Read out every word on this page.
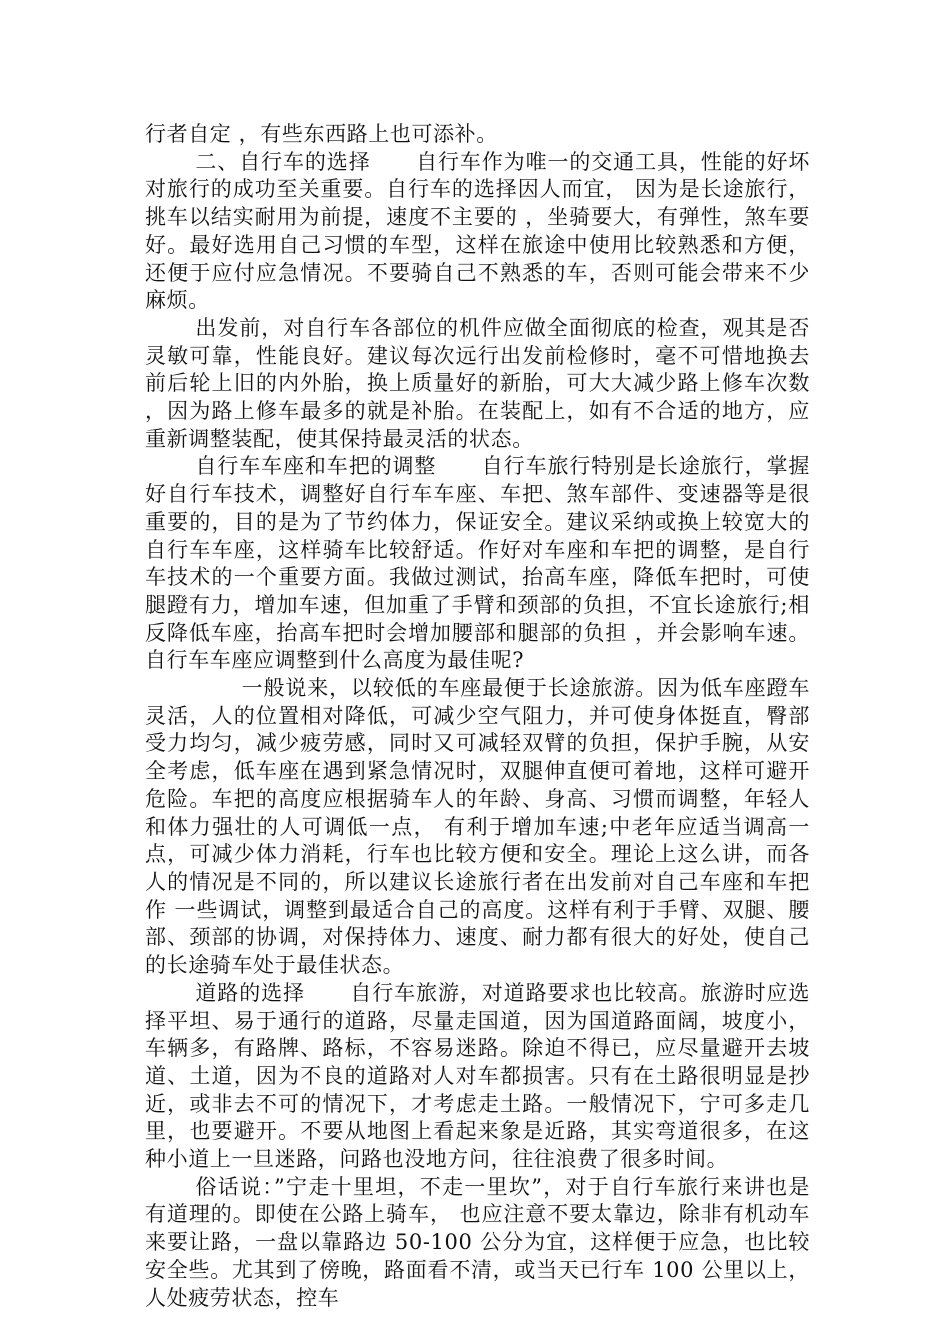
行者自定 ，有些东西路上也可添补。

二、自行车的选择      自行车作为唯一的交通工具，性能的好坏对旅行的成功至关重要。自行车的选择因人而宜， 因为是长途旅行，挑车以结实耐用为前提，速度不主要的 ，坐骑要大，有弹性，煞车要好。最好选用自己习惯的车型，这样在旅途中使用比较熟悉和方便，还便于应付应急情况。不要骑自己不熟悉的车，否则可能会带来不少麻烦。

出发前，对自行车各部位的机件应做全面彻底的检查，观其是否灵敏可靠，性能良好。建议每次远行出发前检修时，毫不可惜地换去前后轮上旧的内外胎，换上质量好的新胎，可大大减少路上修车次数 ，因为路上修车最多的就是补胎。在装配上，如有不合适的地方，应重新调整装配，使其保持最灵活的状态。

自行车车座和车把的调整      自行车旅行特别是长途旅行，掌握好自行车技术，调整好自行车车座、车把、煞车部件、变速器等是很重要的，目的是为了节约体力，保证安全。建议采纳或换上较宽大的自行车车座，这样骑车比较舒适。作好对车座和车把的调整，是自行车技术的一个重要方面。我做过测试，抬高车座，降低车把时，可使腿蹬有力，增加车速，但加重了手臂和颈部的负担，不宜长途旅行;相反降低车座，抬高车把时会增加腰部和腿部的负担 ，并会影响车速。自行车车座应调整到什么高度为最佳呢?

一般说来，以较低的车座最便于长途旅游。因为低车座蹬车灵活，人的位置相对降低，可减少空气阻力，并可使身体挺直，臀部受力均匀，减少疲劳感，同时又可减轻双臂的负担，保护手腕，从安全考虑，低车座在遇到紧急情况时，双腿伸直便可着地，这样可避开危险。车把的高度应根据骑车人的年龄、身高、习惯而调整，年轻人和体力强壮的人可调低一点， 有利于增加车速;中老年应适当调高一点，可减少体力消耗，行车也比较方便和安全。理论上这么讲，而各人的情况是不同的，所以建议长途旅行者在出发前对自己车座和车把作 一些调试，调整到最适合自己的高度。这样有利于手臂、双腿、腰部、颈部的协调，对保持体力、速度、耐力都有很大的好处，使自己的长途骑车处于最佳状态。

道路的选择      自行车旅游，对道路要求也比较高。旅游时应选择平坦、易于通行的道路，尽量走国道，因为国道路面阔，坡度小，车辆多，有路牌、路标，不容易迷路。除迫不得已，应尽量避开去坡道、土道，因为不良的道路对人对车都损害。只有在土路很明显是抄近，或非去不可的情况下，才考虑走土路。一般情况下，宁可多走几里，也要避开。不要从地图上看起来象是近路，其实弯道很多，在这种小道上一旦迷路，问路也没地方问，往往浪费了很多时间。

俗话说：”宁走十里坦，不走一里坎”，对于自行车旅行来讲也是有道理的。即使在公路上骑车， 也应注意不要太靠边，除非有机动车来要让路，一盘以靠路边 50-100 公分为宜，这样便于应急，也比较安全些。尤其到了傍晚，路面看不清，或当天已行车 100 公里以上，人处疲劳状态，控车
